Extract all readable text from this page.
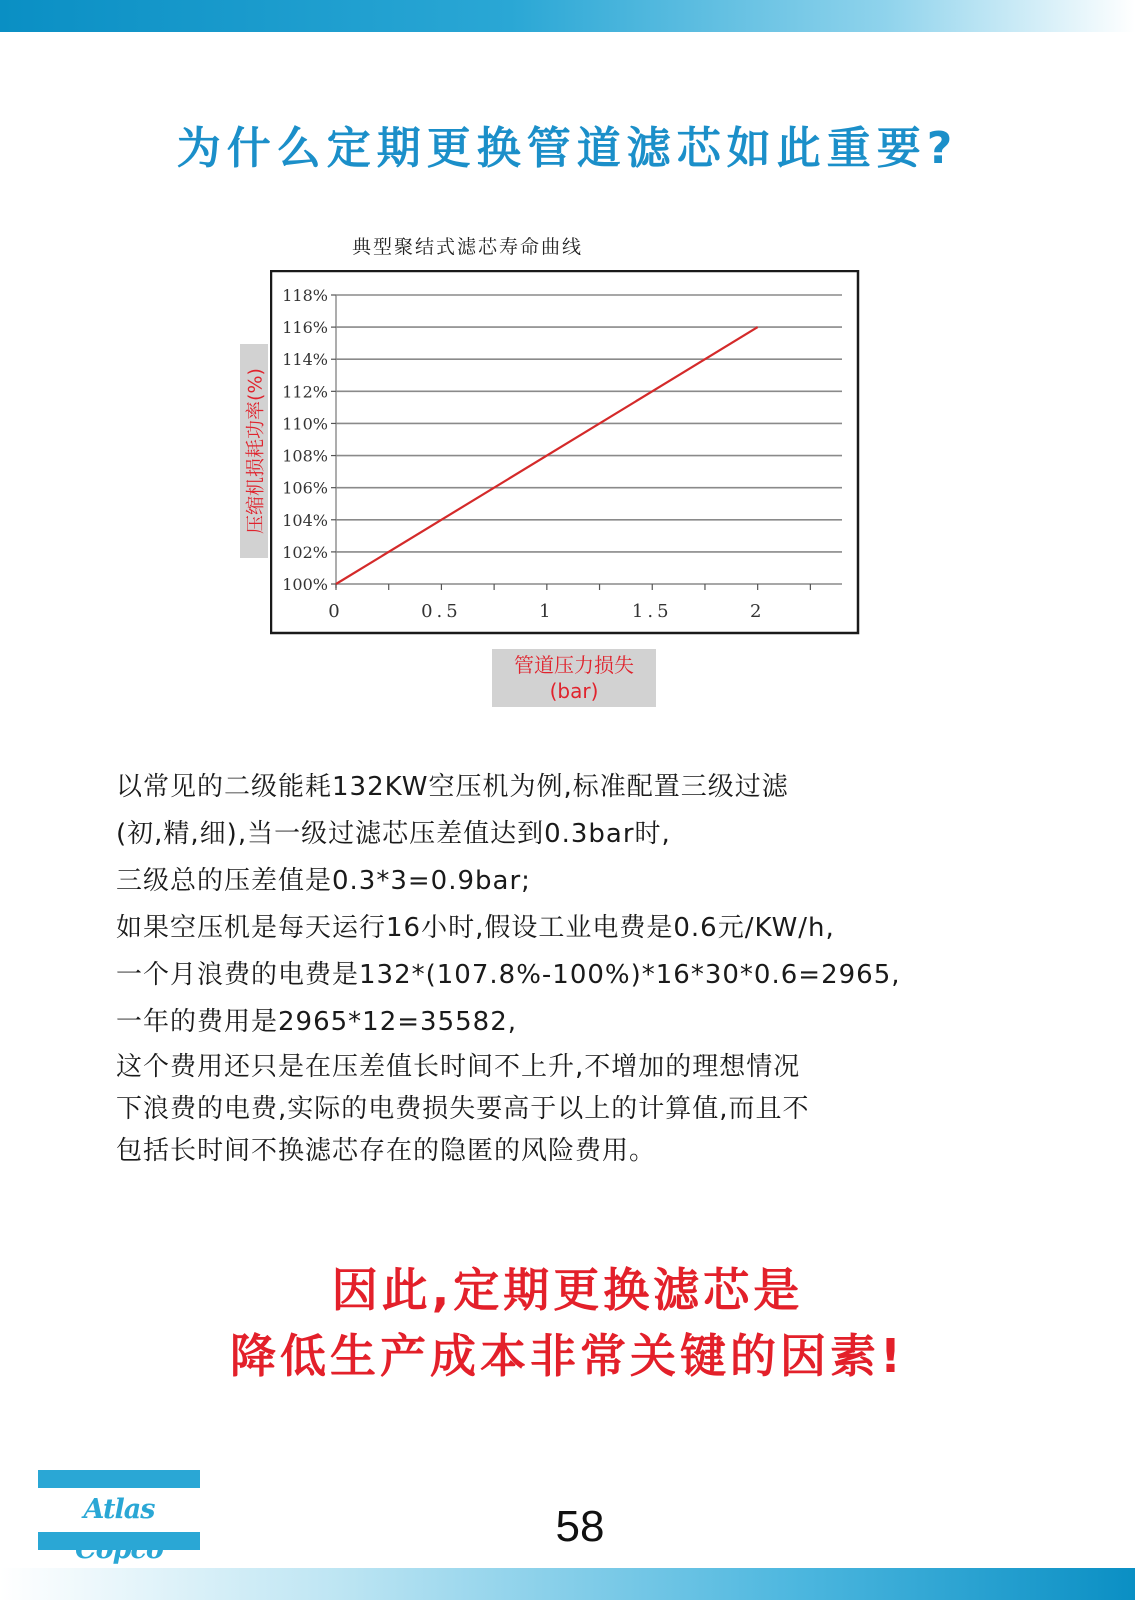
为什么定期更换管道滤芯如此重要?
典型聚结式滤芯寿命曲线
压缩机损耗功率(%)
100%
102%
104%
106%
108%
110%
112%
114%
116%
118%
0	0.5	1	1.5	2
管道压力损失
(bar)
以常见的二级能耗132KW空压机为例,标准配置三级过滤
(初,精,细),当一级过滤芯压差值达到0.3bar时,
三级总的压差值是0.3*3=0.9bar;
如果空压机是每天运行16小时,假设工业电费是0.6元/KW/h,
一个月浪费的电费是132*(107.8%-100%)*16*30*0.6=2965,
一年的费用是2965*12=35582,
这个费用还只是在压差值长时间不上升,不增加的理想情况
下浪费的电费,实际的电费损失要高于以上的计算值,而且不
包括长时间不换滤芯存在的隐匿的风险费用。
因此,定期更换滤芯是
降低生产成本非常关键的因素!
Atlas	58
